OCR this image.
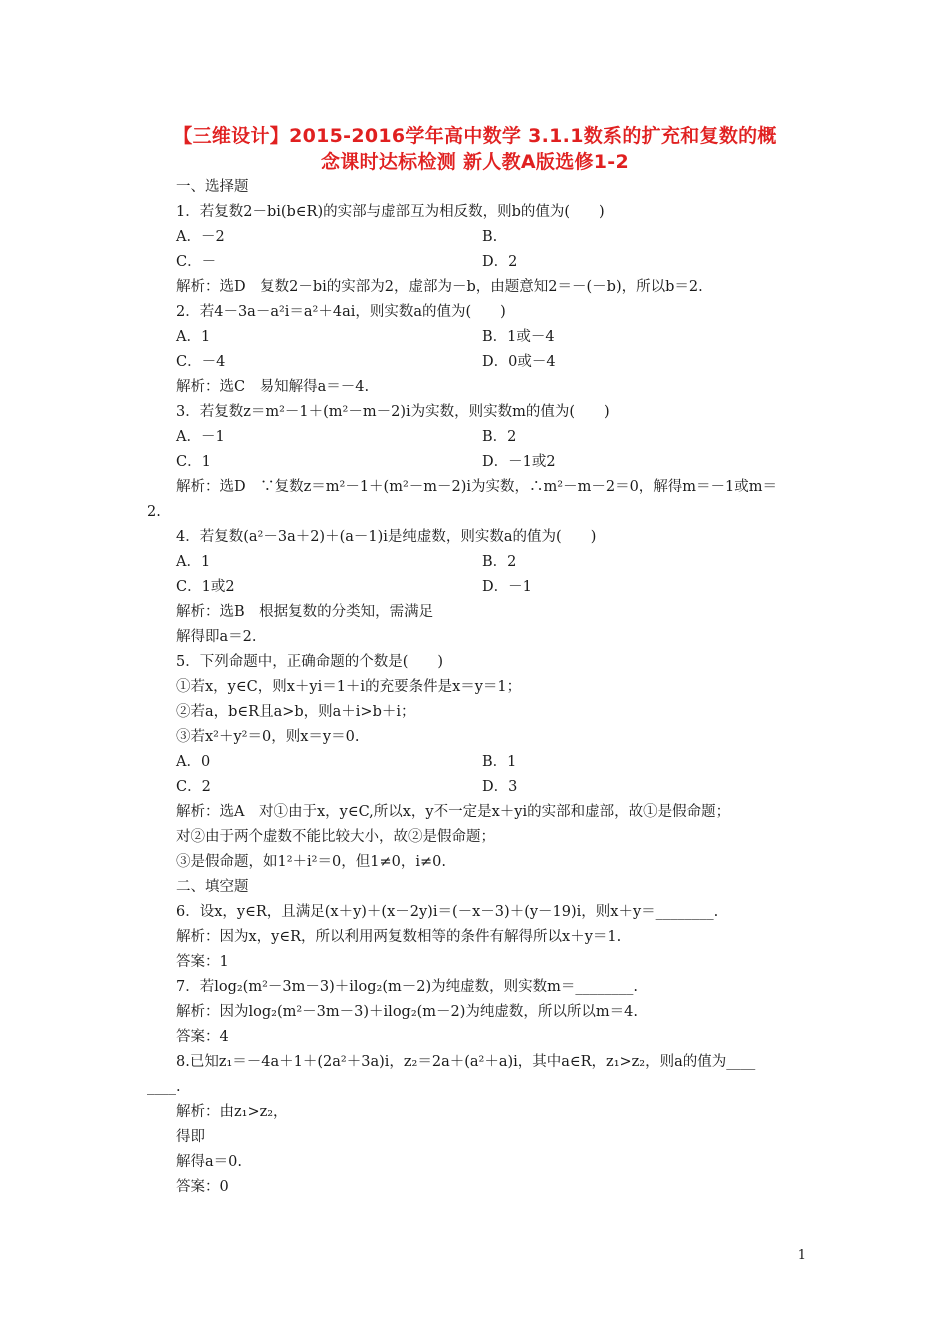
【三维设计】2015-2016学年高中数学 3.1.1数系的扩充和复数的概
念课时达标检测 新人教A版选修1-2
一、选择题
1．若复数2－bi(b∈R)的实部与虚部互为相反数，则b的值为(　　)
A．－2	B.
C．－	D．2
解析：选D　复数2－bi的实部为2，虚部为－b，由题意知2＝－(－b)，所以b＝2.
2．若4－3a－a²i＝a²＋4ai，则实数a的值为(　　)
A．1	B．1或－4
C．－4	D．0或－4
解析：选C　易知解得a＝－4.
3．若复数z＝m²－1＋(m²－m－2)i为实数，则实数m的值为(　　)
A．－1	B．2
C．1	D．－1或2
解析：选D　∵复数z＝m²－1＋(m²－m－2)i为实数，∴m²－m－2＝0，解得m＝－1或m＝
2.
4．若复数(a²－3a＋2)＋(a－1)i是纯虚数，则实数a的值为(　　)
A．1	B．2
C．1或2	D．－1
解析：选B　根据复数的分类知，需满足
解得即a＝2.
5．下列命题中，正确命题的个数是(　　)
①若x，y∈C，则x＋yi＝1＋i的充要条件是x＝y＝1；
②若a，b∈R且a>b，则a＋i>b＋i；
③若x²＋y²＝0，则x＝y＝0.
A．0	B．1
C．2	D．3
解析：选A　对①由于x，y∈C,所以x，y不一定是x＋yi的实部和虚部，故①是假命题；
对②由于两个虚数不能比较大小，故②是假命题；
③是假命题，如1²＋i²＝0，但1≠0，i≠0.
二、填空题
6．设x，y∈R，且满足(x＋y)＋(x－2y)i＝(－x－3)＋(y－19)i，则x＋y＝________.
解析：因为x，y∈R，所以利用两复数相等的条件有解得所以x＋y＝1.
答案：1
7．若log₂(m²－3m－3)＋ilog₂(m－2)为纯虚数，则实数m＝________.
解析：因为log₂(m²－3m－3)＋ilog₂(m－2)为纯虚数，所以所以m＝4.
答案：4
8.已知z₁＝－4a＋1＋(2a²＋3a)i，z₂＝2a＋(a²＋a)i，其中a∈R，z₁>z₂，则a的值为____
____.
解析：由z₁>z₂，
得即
解得a＝0.
答案：0
1
